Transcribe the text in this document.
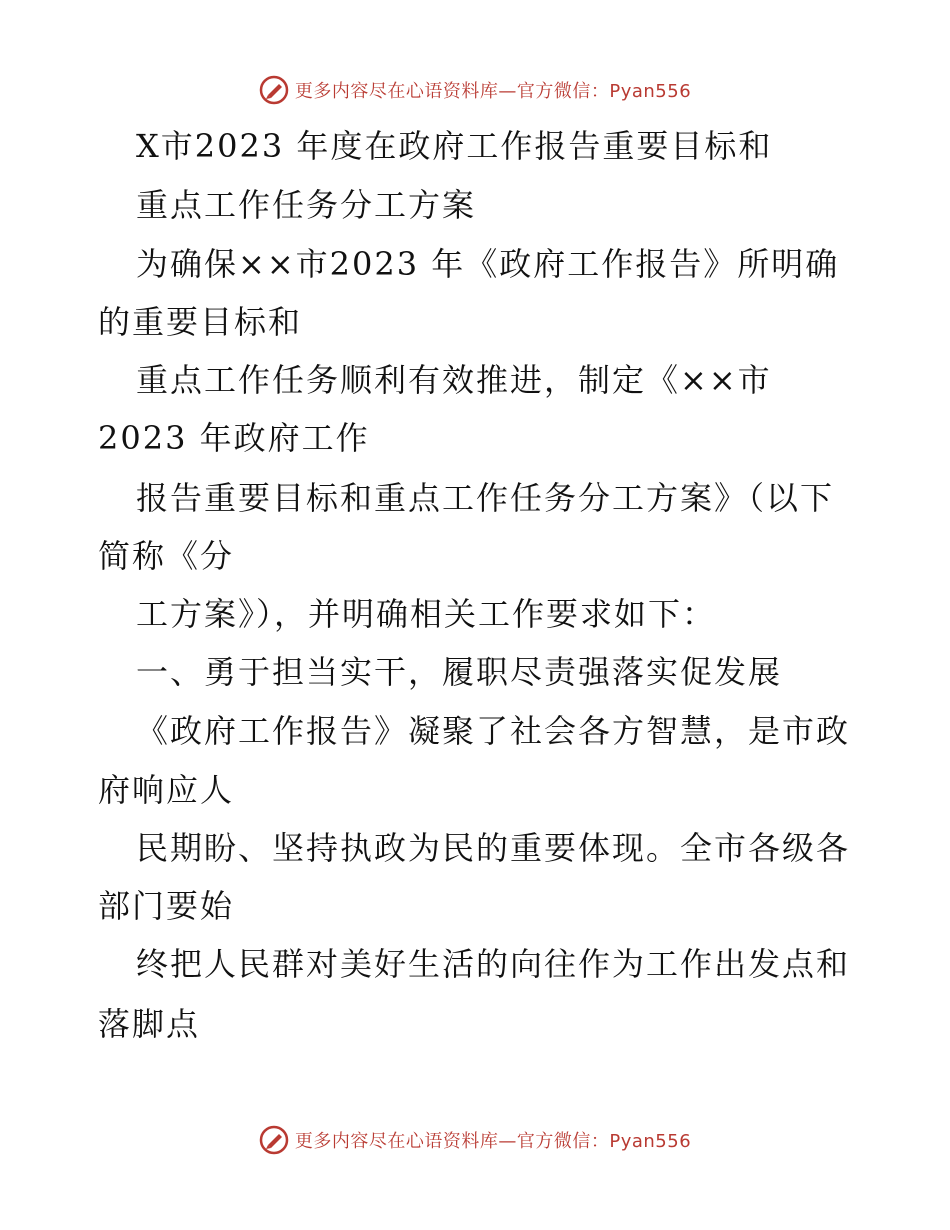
更多内容尽在心语资料库—官方微信：Pyan556
X市2023 年度在政府工作报告重要目标和
重点工作任务分工方案
为确保××市2023 年《政府工作报告》所明确
的重要目标和
重点工作任务顺利有效推进，制定《××市
2023 年政府工作
报告重要目标和重点工作任务分工方案》（以下
简称《分
工方案》），并明确相关工作要求如下：
一、勇于担当实干，履职尽责强落实促发展
《政府工作报告》凝聚了社会各方智慧，是市政
府响应人
民期盼、坚持执政为民的重要体现。全市各级各
部门要始
终把人民群对美好生活的向往作为工作出发点和
落脚点
更多内容尽在心语资料库—官方微信：Pyan556
